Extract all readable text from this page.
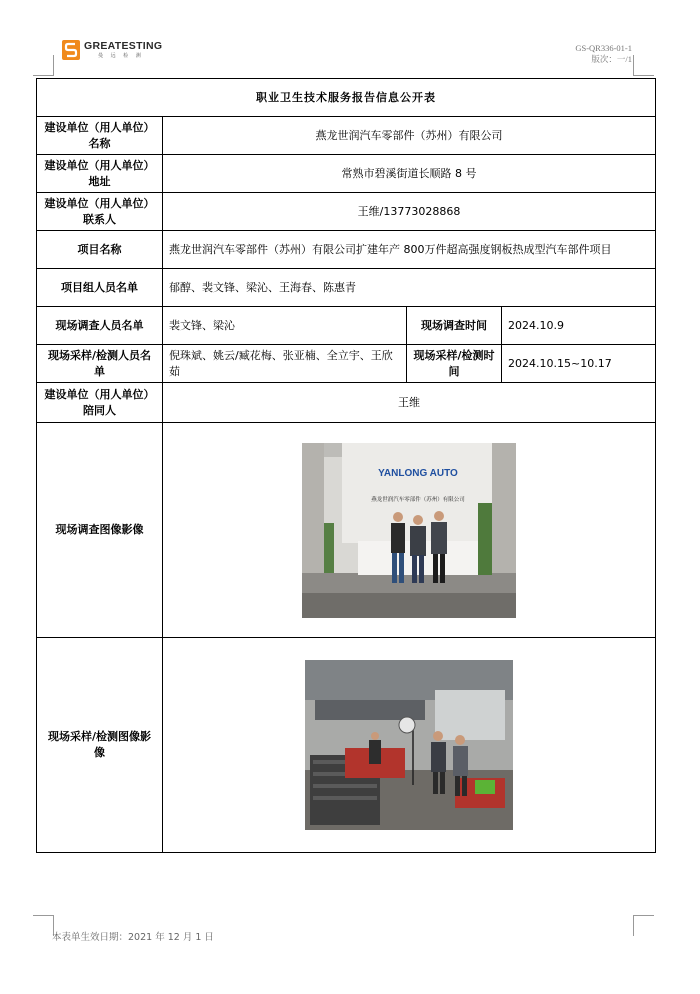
GREATESTING
曼 远 检 测
GS-QR336-01-1
版次：一/1
职业卫生技术服务报告信息公开表			
建设单位（用人单位）名称	燕龙世润汽车零部件（苏州）有限公司		
建设单位（用人单位）地址	常熟市碧溪街道长顺路 8 号		
建设单位（用人单位）联系人	王维/13773028868		
项目名称	燕龙世润汽车零部件（苏州）有限公司扩建年产 800万件超高强度钢板热成型汽车部件项目		
项目组人员名单	郁醇、裴文锋、梁沁、王海春、陈惠青		
现场调查人员名单	裴文锋、梁沁	现场调查时间	2024.10.9
现场采样/检测人员名单	倪珠斌、姚云/臧花梅、张亚楠、全立宇、王欣茹	现场采样/检测时间	2024.10.15~10.17
建设单位（用人单位）陪同人	王维		
现场调查图像影像	YANLONG AUTO
燕龙世润汽车零部件（苏州）有限公司		

现场采样/检测图像影像	
本表单生效日期：2021 年 12 月 1 日
